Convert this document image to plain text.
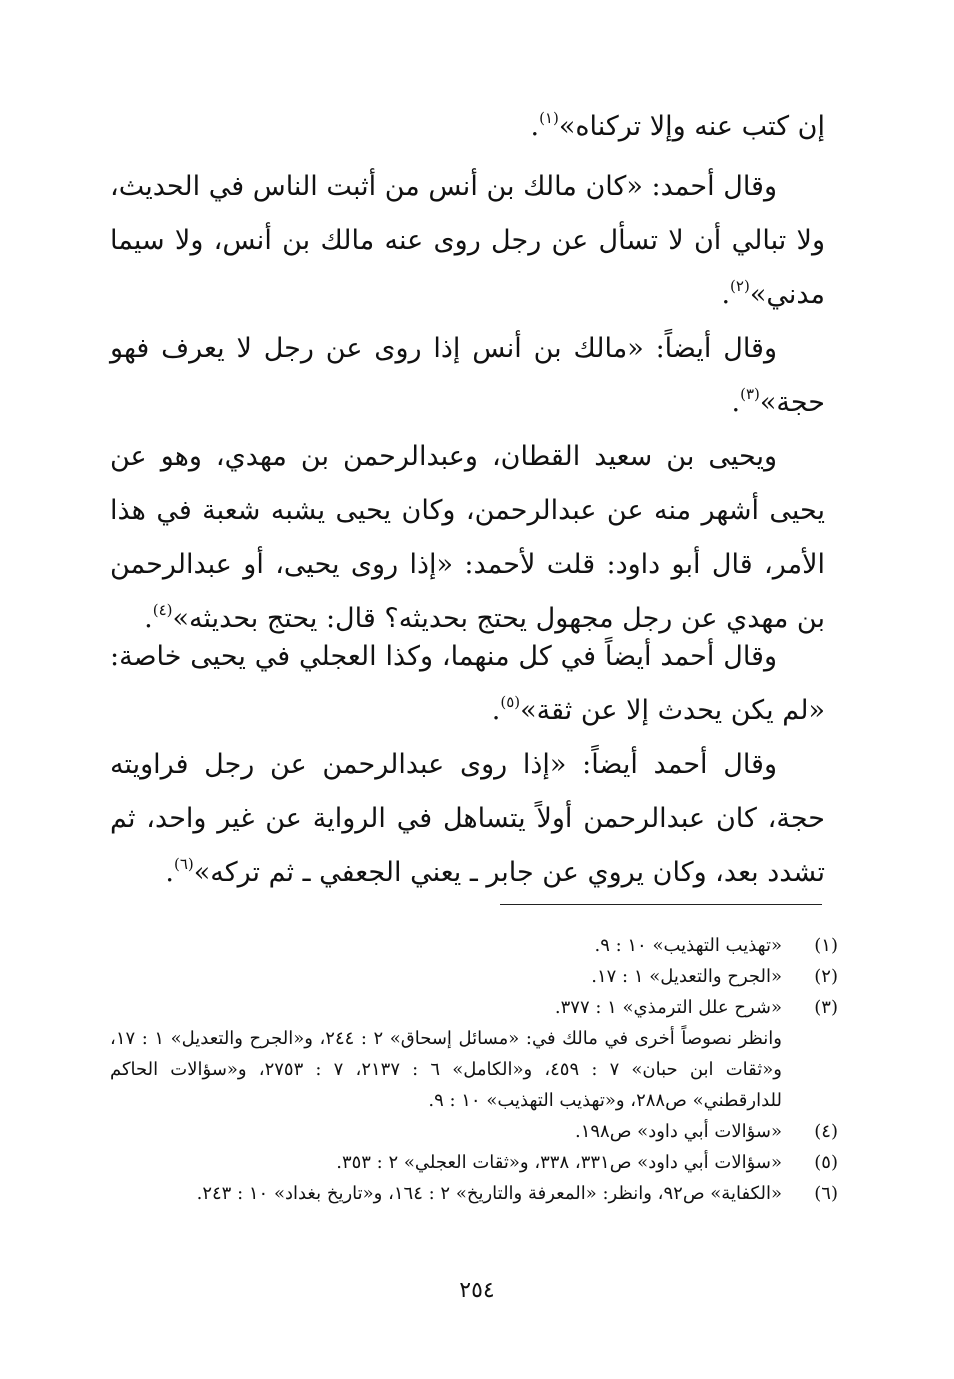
إن كتب عنه وإلا تركناه»$^{(١)}$.

وقال أحمد: «كان مالك بن أنس من أثبت الناس في الحديث، ولا تبالي أن لا تسأل عن رجل روى عنه مالك بن أنس، ولا سيما مدني»$^{(٢)}$.

وقال أيضاً: «مالك بن أنس إذا روى عن رجل لا يعرف فهو حجة»$^{(٣)}$.

ويحيى بن سعيد القطان، وعبدالرحمن بن مهدي، وهو عن يحيى أشهر منه عن عبدالرحمن، وكان يحيى يشبه شعبة في هذا الأمر، قال أبو داود: قلت لأحمد: «إذا روى يحيى، أو عبدالرحمن بن مهدي عن رجل مجهول يحتج بحديثه؟ قال: يحتج بحديثه»$^{(٤)}$.

وقال أحمد أيضاً في كل منهما، وكذا العجلي في يحيى خاصة: «لم يكن يحدث إلا عن ثقة»$^{(٥)}$.

وقال أحمد أيضاً: «إذا روى عبدالرحمن عن رجل فراويته حجة، كان عبدالرحمن أولاً يتساهل في الرواية عن غير واحد، ثم تشدد بعد، وكان يروي عن جابر ـ يعني الجعفي ـ ثم تركه»$^{(٦)}$.

(١)
«تهذيب التهذيب» ١٠ : ٩.
(٢)
«الجرح والتعديل» ١ : ١٧.
(٣)
«شرح علل الترمذي» ١ : ٣٧٧.
وانظر نصوصاً أخرى في مالك في: «مسائل إسحاق» ٢ : ٢٤٤، و«الجرح والتعديل» ١ : ١٧، و«ثقات ابن حبان» ٧ : ٤٥٩، و«الكامل» ٦ : ٢١٣٧، ٧ : ٢٧٥٣، و«سؤالات الحاكم للدارقطني» ص٢٨٨، و«تهذيب التهذيب» ١٠ : ٩.
(٤)
«سؤالات أبي داود» ص١٩٨.
(٥)
«سؤالات أبي داود» ص٣٣١، ٣٣٨، و«ثقات العجلي» ٢ : ٣٥٣.
(٦)
«الكفاية» ص٩٢، وانظر: «المعرفة والتاريخ» ٢ : ١٦٤، و«تاريخ بغداد» ١٠ : ٢٤٣.
٢٥٤
